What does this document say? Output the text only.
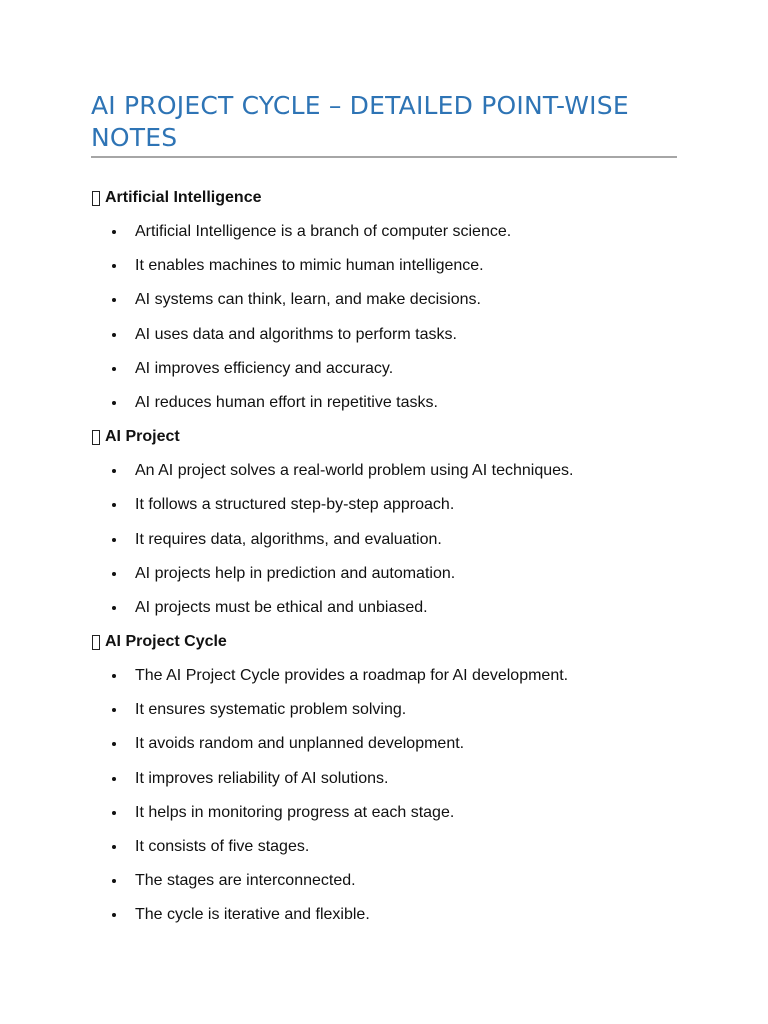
AI PROJECT CYCLE – DETAILED POINT-WISE NOTES
Artificial Intelligence
Artificial Intelligence is a branch of computer science.
It enables machines to mimic human intelligence.
AI systems can think, learn, and make decisions.
AI uses data and algorithms to perform tasks.
AI improves efficiency and accuracy.
AI reduces human effort in repetitive tasks.
AI Project
An AI project solves a real-world problem using AI techniques.
It follows a structured step-by-step approach.
It requires data, algorithms, and evaluation.
AI projects help in prediction and automation.
AI projects must be ethical and unbiased.
AI Project Cycle
The AI Project Cycle provides a roadmap for AI development.
It ensures systematic problem solving.
It avoids random and unplanned development.
It improves reliability of AI solutions.
It helps in monitoring progress at each stage.
It consists of five stages.
The stages are interconnected.
The cycle is iterative and flexible.
